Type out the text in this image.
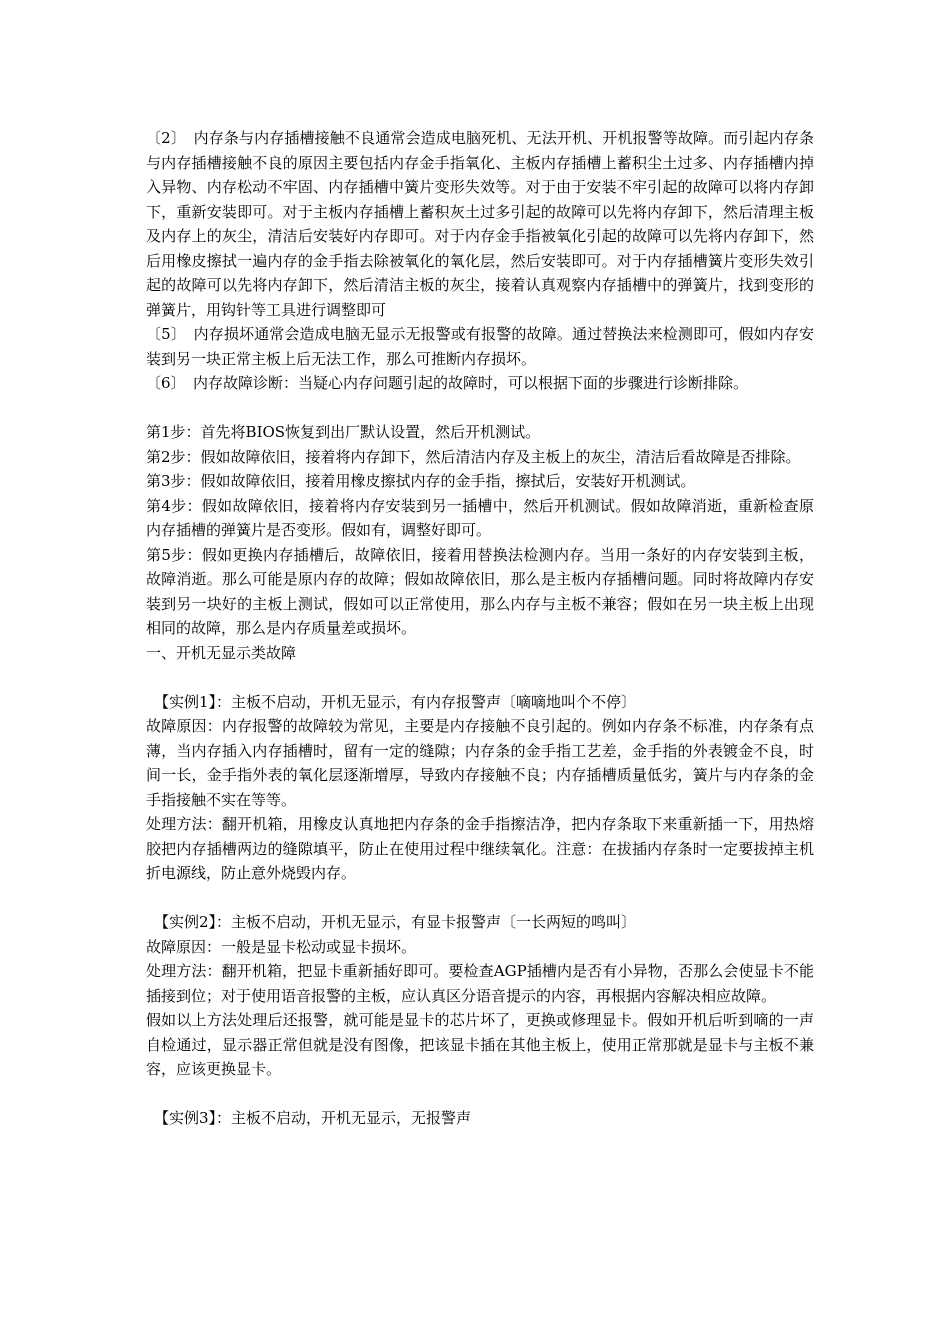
〔2〕　内存条与内存插槽接触不良通常会造成电脑死机、无法开机、开机报警等故障。而引起内存条与内存插槽接触不良的原因主要包括内存金手指氧化、主板内存插槽上蓄积尘土过多、内存插槽内掉入异物、内存松动不牢固、内存插槽中簧片变形失效等。对于由于安装不牢引起的故障可以将内存卸下，重新安装即可。对于主板内存插槽上蓄积灰土过多引起的故障可以先将内存卸下，然后清理主板及内存上的灰尘，清洁后安装好内存即可。对于内存金手指被氧化引起的故障可以先将内存卸下，然后用橡皮擦拭一遍内存的金手指去除被氧化的氧化层，然后安装即可。对于内存插槽簧片变形失效引起的故障可以先将内存卸下，然后清洁主板的灰尘，接着认真观察内存插槽中的弹簧片，找到变形的弹簧片，用钩针等工具进行调整即可

〔5〕　内存损坏通常会造成电脑无显示无报警或有报警的故障。通过替换法来检测即可，假如内存安装到另一块正常主板上后无法工作，那么可推断内存损坏。

〔6〕　内存故障诊断：当疑心内存问题引起的故障时，可以根据下面的步骤进行诊断排除。

第1步：首先将BIOS恢复到出厂默认设置，然后开机测试。

第2步：假如故障依旧，接着将内存卸下，然后清洁内存及主板上的灰尘，清洁后看故障是否排除。

第3步：假如故障依旧，接着用橡皮擦拭内存的金手指，擦拭后，安装好开机测试。

第4步：假如故障依旧，接着将内存安装到另一插槽中，然后开机测试。假如故障消逝，重新检查原内存插槽的弹簧片是否变形。假如有，调整好即可。

第5步：假如更换内存插槽后，故障依旧，接着用替换法检测内存。当用一条好的内存安装到主板，故障消逝。那么可能是原内存的故障；假如故障依旧，那么是主板内存插槽问题。同时将故障内存安装到另一块好的主板上测试，假如可以正常使用，那么内存与主板不兼容；假如在另一块主板上出现相同的故障，那么是内存质量差或损坏。

一、开机无显示类故障

【实例1】：主板不启动，开机无显示，有内存报警声〔嘀嘀地叫个不停〕

故障原因：内存报警的故障较为常见，主要是内存接触不良引起的。例如内存条不标准，内存条有点薄，当内存插入内存插槽时，留有一定的缝隙；内存条的金手指工艺差，金手指的外表镀金不良，时间一长，金手指外表的氧化层逐渐增厚，导致内存接触不良；内存插槽质量低劣，簧片与内存条的金手指接触不实在等等。

处理方法：翻开机箱，用橡皮认真地把内存条的金手指擦洁净，把内存条取下来重新插一下，用热熔胶把内存插槽两边的缝隙填平，防止在使用过程中继续氧化。注意：在拔插内存条时一定要拔掉主机折电源线，防止意外烧毁内存。

【实例2】：主板不启动，开机无显示，有显卡报警声〔一长两短的鸣叫〕

故障原因：一般是显卡松动或显卡损坏。

处理方法：翻开机箱，把显卡重新插好即可。要检查AGP插槽内是否有小异物，否那么会使显卡不能插接到位；对于使用语音报警的主板，应认真区分语音提示的内容，再根据内容解决相应故障。

假如以上方法处理后还报警，就可能是显卡的芯片坏了，更换或修理显卡。假如开机后听到嘀的一声自检通过，显示器正常但就是没有图像，把该显卡插在其他主板上，使用正常那就是显卡与主板不兼容，应该更换显卡。

【实例3】：主板不启动，开机无显示，无报警声
